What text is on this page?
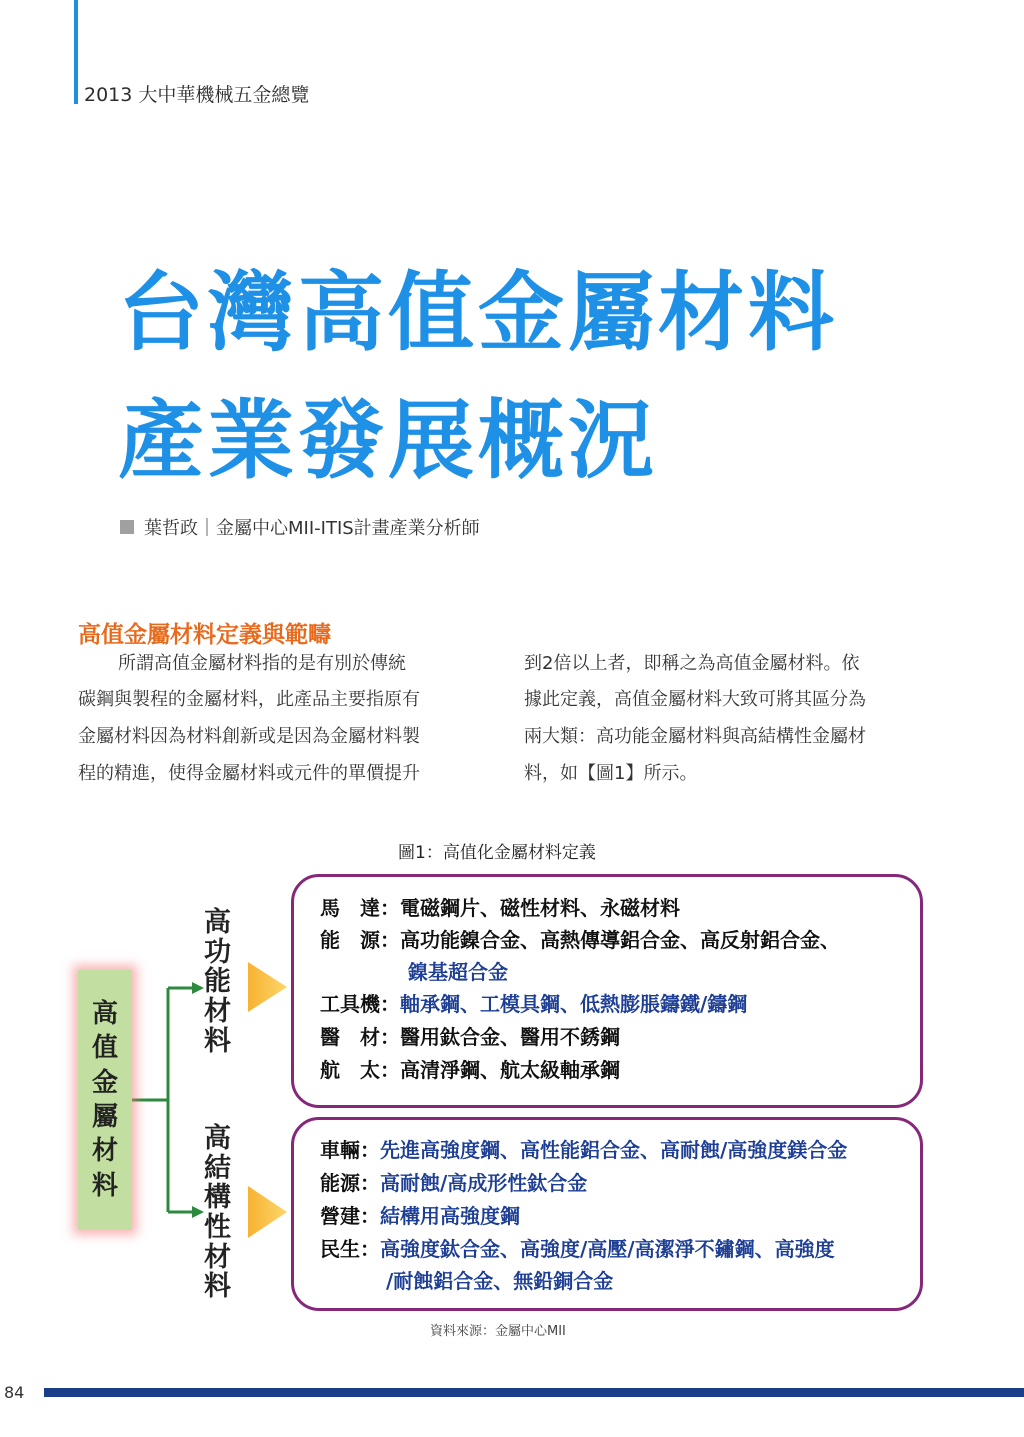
2013 大中華機械五金總覽
台灣高值金屬材料
產業發展概況
葉哲政｜金屬中心MII-ITIS計畫產業分析師
高值金屬材料定義與範疇
所謂高值金屬材料指的是有別於傳統
碳鋼與製程的金屬材料，此產品主要指原有
金屬材料因為材料創新或是因為金屬材料製
程的精進，使得金屬材料或元件的單價提升
到2倍以上者，即稱之為高值金屬材料。依
據此定義，高值金屬材料大致可將其區分為
兩大類：高功能金屬材料與高結構性金屬材
料，如【圖1】所示。
圖1：高值化金屬材料定義
高
值
金
屬
材
料
高
功
能
材
料
高
結
構
性
材
料
馬　達：電磁鋼片、磁性材料、永磁材料
能　源：高功能鎳合金、高熱傳導鋁合金、高反射鋁合金、
鎳基超合金
工具機：軸承鋼、工模具鋼、低熱膨脹鑄鐵/鑄鋼
醫　材：醫用鈦合金、醫用不銹鋼
航　太：高清淨鋼、航太級軸承鋼
車輛：先進高強度鋼、高性能鋁合金、高耐蝕/高強度鎂合金
能源：高耐蝕/高成形性鈦合金
營建：結構用高強度鋼
民生：高強度鈦合金、高強度/高壓/高潔淨不鏽鋼、高強度
/耐蝕鋁合金、無鉛銅合金
資料來源：金屬中心MII
84
